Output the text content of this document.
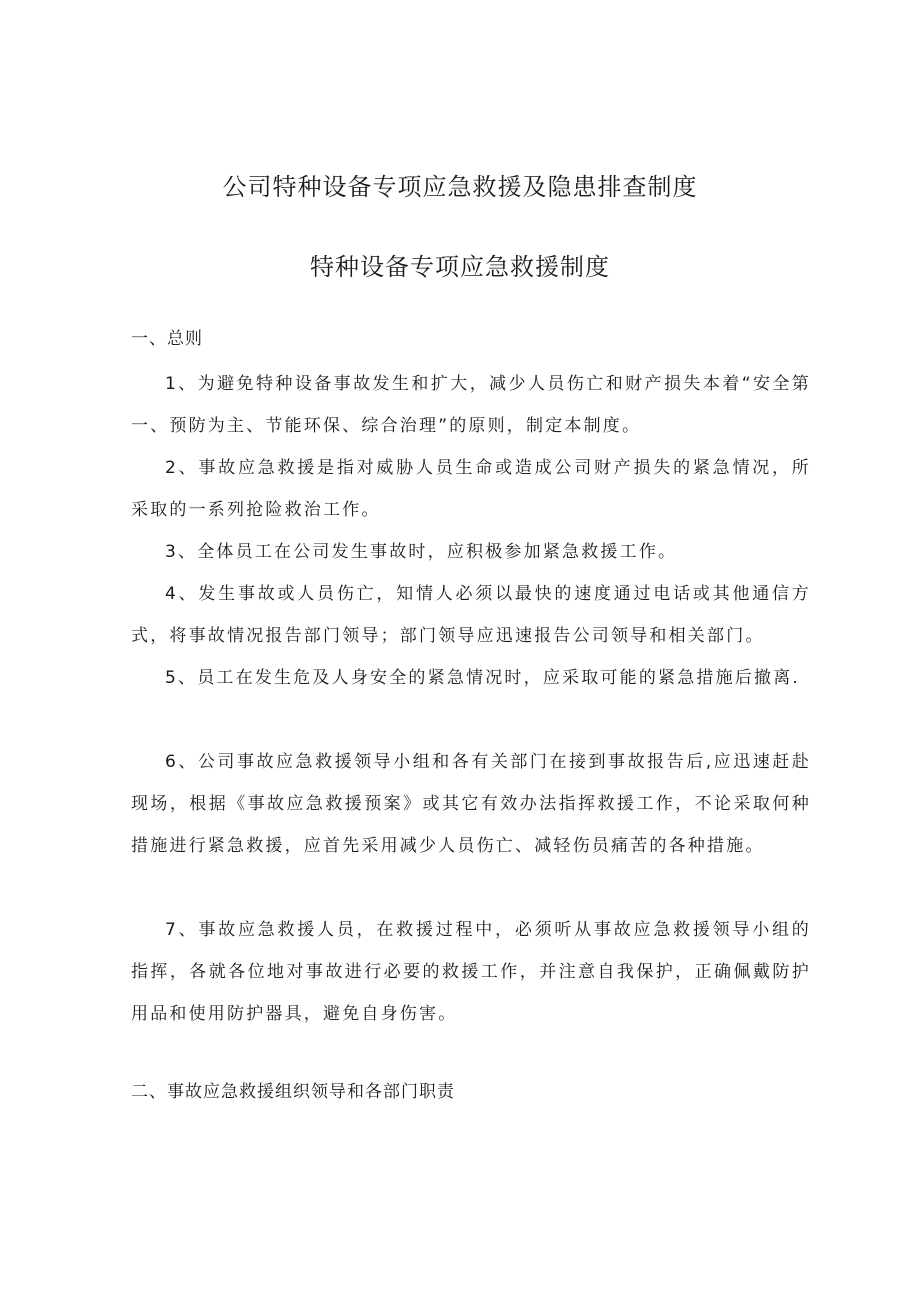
公司特种设备专项应急救援及隐患排查制度
特种设备专项应急救援制度
一、总则

1、为避免特种设备事故发生和扩大，减少人员伤亡和财产损失本着“安全第一、预防为主、节能环保、综合治理”的原则，制定本制度。

2、事故应急救援是指对威胁人员生命或造成公司财产损失的紧急情况，所采取的一系列抢险救治工作。

3、全体员工在公司发生事故时，应积极参加紧急救援工作。

4、发生事故或人员伤亡，知情人必须以最快的速度通过电话或其他通信方式，将事故情况报告部门领导；部门领导应迅速报告公司领导和相关部门。

5、员工在发生危及人身安全的紧急情况时，应采取可能的紧急措施后撤离.

6、公司事故应急救援领导小组和各有关部门在接到事故报告后,应迅速赶赴现场，根据《事故应急救援预案》或其它有效办法指挥救援工作，不论采取何种措施进行紧急救援，应首先采用减少人员伤亡、减轻伤员痛苦的各种措施。

7、事故应急救援人员，在救援过程中，必须听从事故应急救援领导小组的指挥，各就各位地对事故进行必要的救援工作，并注意自我保护，正确佩戴防护用品和使用防护器具，避免自身伤害。

二、事故应急救援组织领导和各部门职责
